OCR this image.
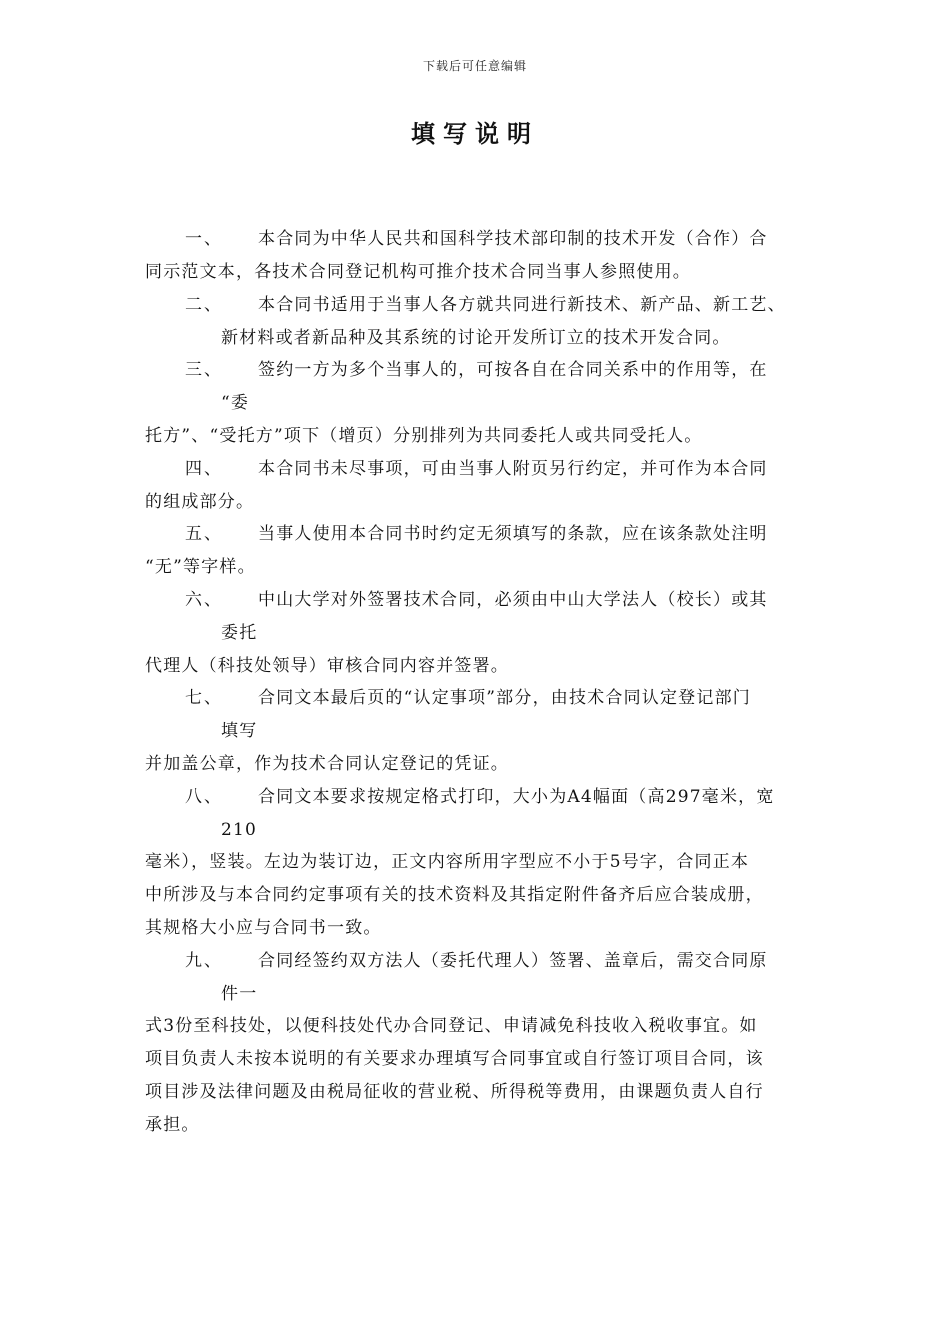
下载后可任意编辑
填写说明
一、 本合同为中华人民共和国科学技术部印制的技术开发（合作）合
同示范文本，各技术合同登记机构可推介技术合同当事人参照使用。
二、 本合同书适用于当事人各方就共同进行新技术、新产品、新工艺、
新材料或者新品种及其系统的讨论开发所订立的技术开发合同。
三、 签约一方为多个当事人的，可按各自在合同关系中的作用等，在
“委
托方”、“受托方”项下（增页）分别排列为共同委托人或共同受托人。
四、 本合同书未尽事项，可由当事人附页另行约定，并可作为本合同
的组成部分。
五、 当事人使用本合同书时约定无须填写的条款，应在该条款处注明
“无”等字样。
六、 中山大学对外签署技术合同，必须由中山大学法人（校长）或其
委托
代理人（科技处领导）审核合同内容并签署。
七、 合同文本最后页的“认定事项”部分，由技术合同认定登记部门
填写
并加盖公章，作为技术合同认定登记的凭证。
八、 合同文本要求按规定格式打印，大小为A4幅面（高297毫米，宽
210
毫米），竖装。左边为装订边，正文内容所用字型应不小于5号字，合同正本
中所涉及与本合同约定事项有关的技术资料及其指定附件备齐后应合装成册，
其规格大小应与合同书一致。
九、 合同经签约双方法人（委托代理人）签署、盖章后，需交合同原
件一
式3份至科技处，以便科技处代办合同登记、申请减免科技收入税收事宜。如
项目负责人未按本说明的有关要求办理填写合同事宜或自行签订项目合同，该
项目涉及法律问题及由税局征收的营业税、所得税等费用，由课题负责人自行
承担。
